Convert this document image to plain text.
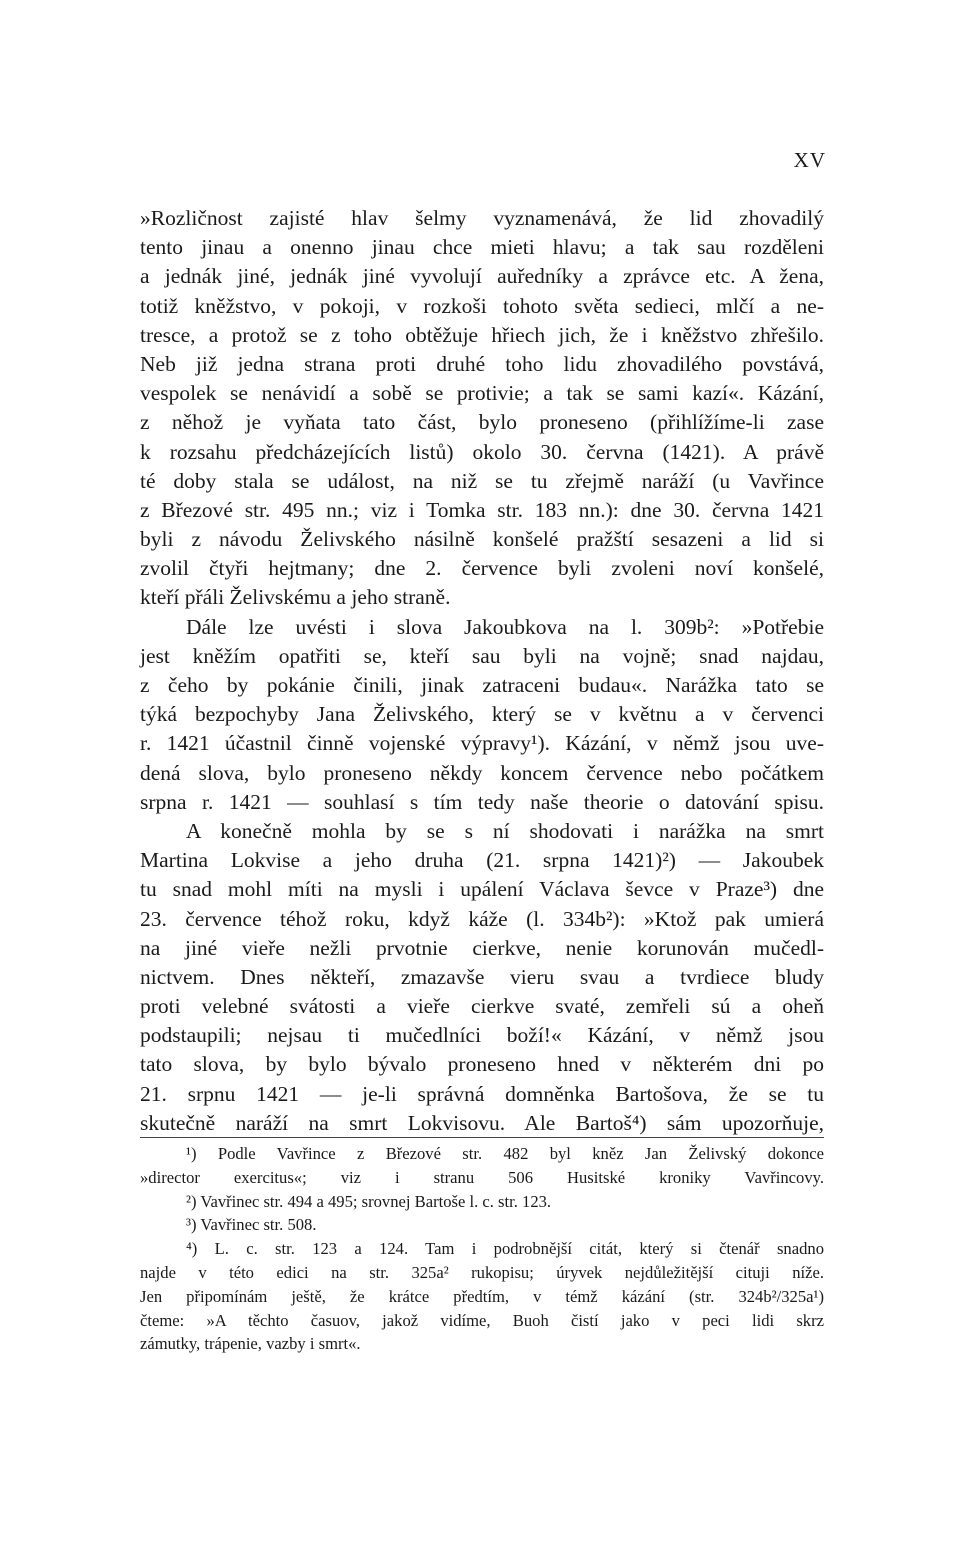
XV
»Rozličnost zajisté hlav šelmy vyznamenává, že lid zhovadilý
tento jinau a onenno jinau chce mieti hlavu; a tak sau rozděleni
a jednák jiné, jednák jiné vyvolují auředníky a zprávce etc. A žena,
totiž kněžstvo, v pokoji, v rozkoši tohoto světa sedieci, mlčí a ne-
tresce, a protož se z toho obtěžuje hřiech jich, že i kněžstvo zhřešilo.
Neb již jedna strana proti druhé toho lidu zhovadilého povstává,
vespolek se nenávidí a sobě se protivie; a tak se sami kazí«. Kázání,
z něhož je vyňata tato část, bylo proneseno (přihlížíme-li zase
k rozsahu předcházejících listů) okolo 30. června (1421). A právě
té doby stala se událost, na niž se tu zřejmě naráží (u Vavřince
z Březové str. 495 nn.; viz i Tomka str. 183 nn.): dne 30. června 1421
byli z návodu Želivského násilně konšelé pražští sesazeni a lid si
zvolil čtyři hejtmany; dne 2. července byli zvoleni noví konšelé,
kteří přáli Želivskému a jeho straně.
Dále lze uvésti i slova Jakoubkova na l. 309b²: »Potřebie
jest kněžím opatřiti se, kteří sau byli na vojně; snad najdau,
z čeho by pokánie činili, jinak zatraceni budau«. Narážka tato se
týká bezpochyby Jana Želivského, který se v květnu a v červenci
r. 1421 účastnil činně vojenské výpravy¹). Kázání, v němž jsou uve-
dená slova, bylo proneseno někdy koncem července nebo počátkem
srpna r. 1421 — souhlasí s tím tedy naše theorie o datování spisu.
A konečně mohla by se s ní shodovati i narážka na smrt
Martina Lokvise a jeho druha (21. srpna 1421)²) — Jakoubek
tu snad mohl míti na mysli i upálení Václava ševce v Praze³) dne
23. července téhož roku, když káže (l. 334b²): »Ktož pak umierá
na jiné vieře nežli prvotnie cierkve, nenie korunován mučedl-
nictvem. Dnes někteří, zmazavše vieru svau a tvrdiece bludy
proti velebné svátosti a vieře cierkve svaté, zemřeli sú a oheň
podstaupili; nejsau ti mučedlníci boží!« Kázání, v němž jsou
tato slova, by bylo bývalo proneseno hned v některém dni po
21. srpnu 1421 — je-li správná domněnka Bartošova, že se tu
skutečně naráží na smrt Lokvisovu. Ale Bartoš⁴) sám upozorňuje,
¹) Podle Vavřince z Březové str. 482 byl kněz Jan Želivský dokonce
»director exercitus«; viz i stranu 506 Husitské kroniky Vavřincovy.
²) Vavřinec str. 494 a 495; srovnej Bartoše l. c. str. 123.
³) Vavřinec str. 508.
⁴) L. c. str. 123 a 124. Tam i podrobnější citát, který si čtenář snadno
najde v této edici na str. 325a² rukopisu; úryvek nejdůležitější cituji níže.
Jen připomínám ještě, že krátce předtím, v témž kázání (str. 324b²/325a¹)
čteme: »A těchto časuov, jakož vidíme, Buoh čistí jako v peci lidi skrz
zámutky, trápenie, vazby i smrt«.
